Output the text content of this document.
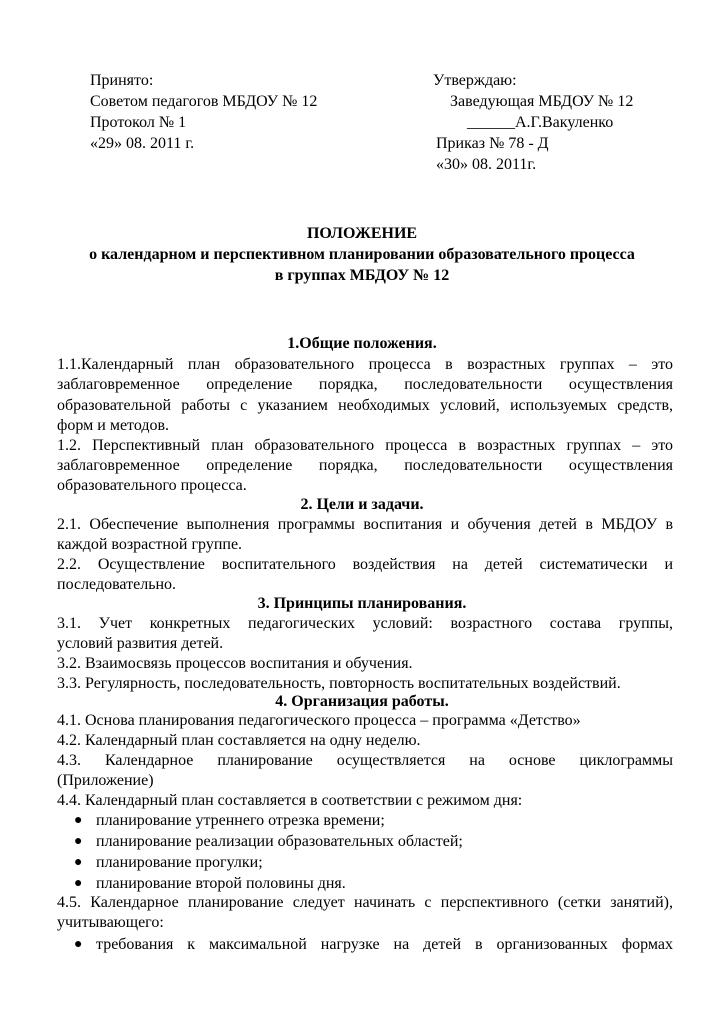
Принято:
Советом педагогов МБДОУ № 12
Протокол № 1
«29» 08. 2011 г.
Утверждаю:
Заведующая МБДОУ № 12
______А.Г.Вакуленко
Приказ № 78 - Д
«30» 08. 2011г.
ПОЛОЖЕНИЕ
о календарном и перспективном планировании образовательного процесса
в группах МБДОУ № 12
1.Общие положения.
1.1.Календарный план образовательного процесса в возрастных группах – это
заблаговременное определение порядка, последовательности осуществления
образовательной работы с указанием необходимых условий, используемых средств,
форм и методов.
1.2. Перспективный план образовательного процесса в возрастных группах – это
заблаговременное определение порядка, последовательности осуществления
образовательного процесса.
2. Цели и задачи.
2.1. Обеспечение выполнения программы воспитания и обучения детей в МБДОУ в
каждой возрастной группе.
2.2. Осуществление воспитательного воздействия на детей систематически и
последовательно.
3. Принципы планирования.
3.1. Учет конкретных педагогических условий: возрастного состава группы,
условий развития детей.
3.2. Взаимосвязь процессов воспитания и обучения.
3.3. Регулярность, последовательность, повторность воспитательных воздействий.
4. Организация работы.
4.1. Основа планирования педагогического процесса – программа «Детство»
4.2. Календарный план составляется на одну неделю.
4.3. Календарное планирование осуществляется на основе циклограммы
(Приложение)
4.4. Календарный план составляется в соответствии с режимом дня:
● планирование утреннего отрезка времени;
● планирование реализации образовательных областей;
● планирование прогулки;
● планирование второй половины дня.
4.5. Календарное планирование следует начинать с перспективного (сетки занятий),
учитывающего:
● требования к максимальной нагрузке на детей в организованных формах
